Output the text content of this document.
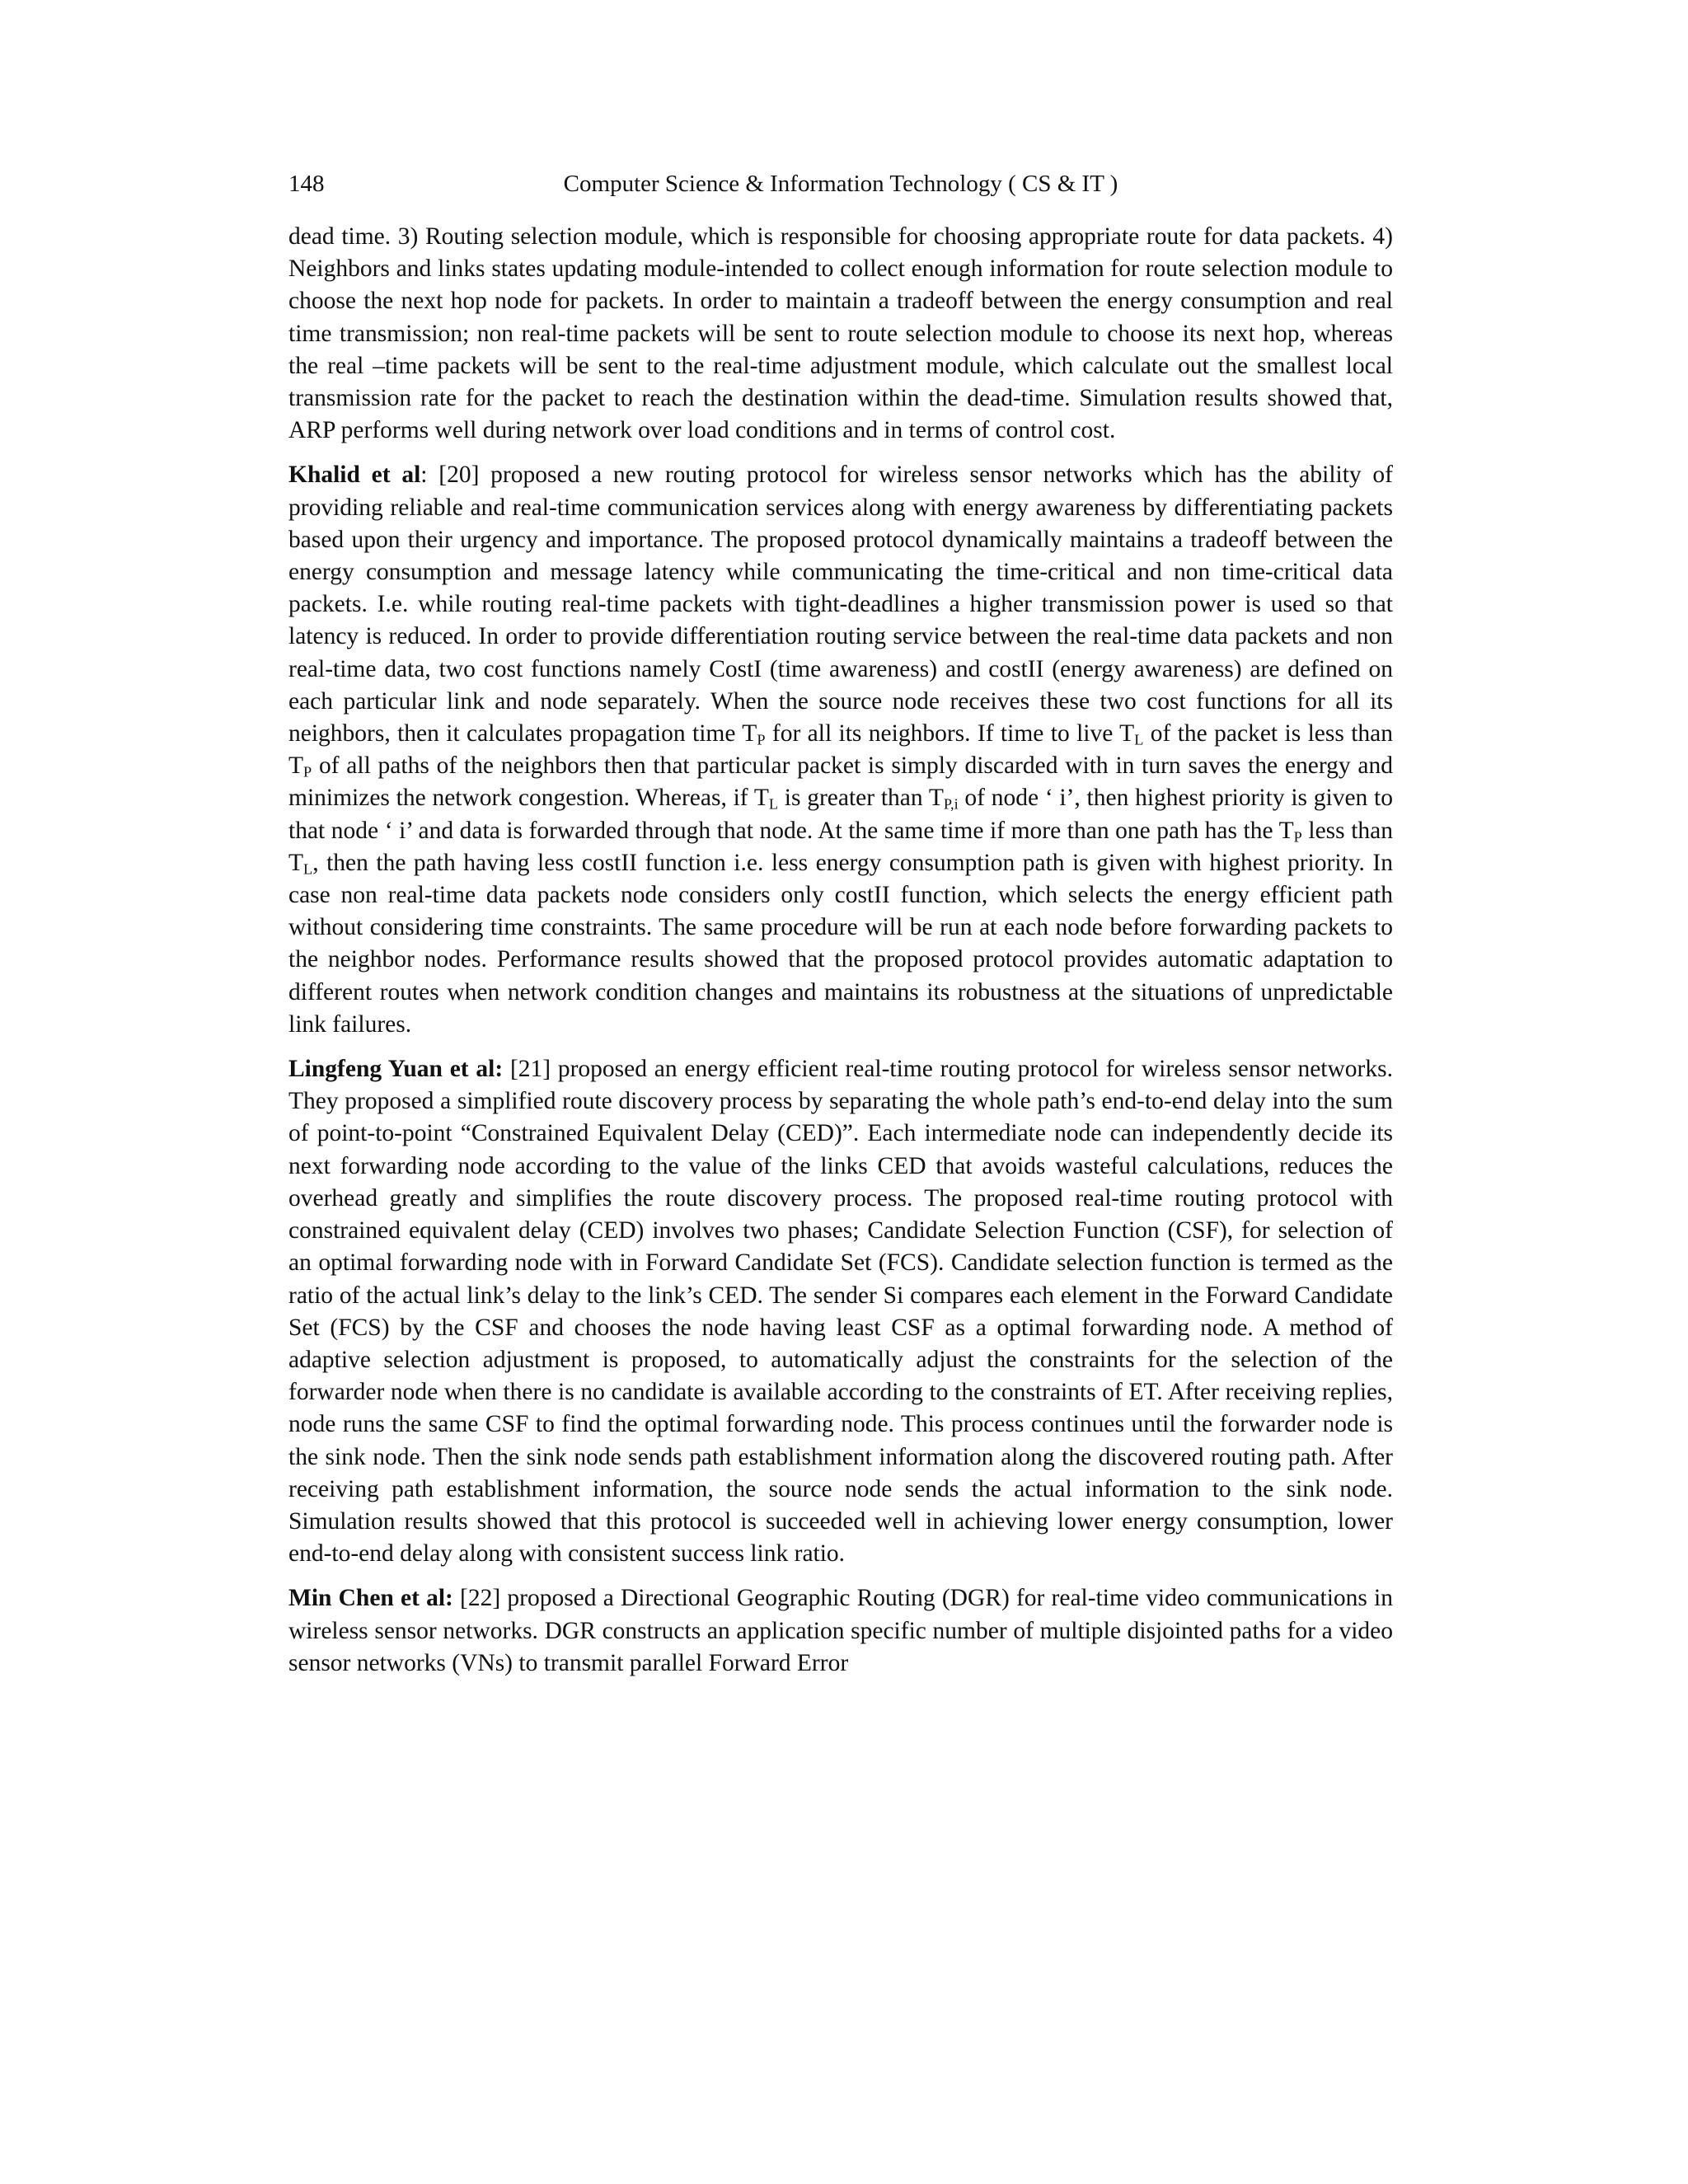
148	Computer Science & Information Technology ( CS & IT )

dead time. 3) Routing selection module, which is responsible for choosing appropriate route for data packets. 4) Neighbors and links states updating module-intended to collect enough information for route selection module to choose the next hop node for packets. In order to maintain a tradeoff between the energy consumption and real time transmission; non real-time packets will be sent to route selection module to choose its next hop, whereas the real –time packets will be sent to the real-time adjustment module, which calculate out the smallest local transmission rate for the packet to reach the destination within the dead-time. Simulation results showed that, ARP performs well during network over load conditions and in terms of control cost.

Khalid et al: [20] proposed a new routing protocol for wireless sensor networks which has the ability of providing reliable and real-time communication services along with energy awareness by differentiating packets based upon their urgency and importance. The proposed protocol dynamically maintains a tradeoff between the energy consumption and message latency while communicating the time-critical and non time-critical data packets. I.e. while routing real-time packets with tight-deadlines a higher transmission power is used so that latency is reduced. In order to provide differentiation routing service between the real-time data packets and non real-time data, two cost functions namely CostI (time awareness) and costII (energy awareness) are defined on each particular link and node separately. When the source node receives these two cost functions for all its neighbors, then it calculates propagation time $T_P$ for all its neighbors. If time to live $T_L$ of the packet is less than $T_P$ of all paths of the neighbors then that particular packet is simply discarded with in turn saves the energy and minimizes the network congestion. Whereas, if $T_L$ is greater than $T_{P,i}$ of node ‘ i’, then highest priority is given to that node ‘ i’ and data is forwarded through that node. At the same time if more than one path has the $T_P$ less than $T_L$, then the path having less costII function i.e. less energy consumption path is given with highest priority. In case non real-time data packets node considers only costII function, which selects the energy efficient path without considering time constraints. The same procedure will be run at each node before forwarding packets to the neighbor nodes. Performance results showed that the proposed protocol provides automatic adaptation to different routes when network condition changes and maintains its robustness at the situations of unpredictable link failures.

Lingfeng Yuan et al: [21] proposed an energy efficient real-time routing protocol for wireless sensor networks. They proposed a simplified route discovery process by separating the whole path’s end-to-end delay into the sum of point-to-point “Constrained Equivalent Delay (CED)”. Each intermediate node can independently decide its next forwarding node according to the value of the links CED that avoids wasteful calculations, reduces the overhead greatly and simplifies the route discovery process. The proposed real-time routing protocol with constrained equivalent delay (CED) involves two phases; Candidate Selection Function (CSF), for selection of an optimal forwarding node with in Forward Candidate Set (FCS). Candidate selection function is termed as the ratio of the actual link’s delay to the link’s CED. The sender Si compares each element in the Forward Candidate Set (FCS) by the CSF and chooses the node having least CSF as a optimal forwarding node. A method of adaptive selection adjustment is proposed, to automatically adjust the constraints for the selection of the forwarder node when there is no candidate is available according to the constraints of ET. After receiving replies, node runs the same CSF to find the optimal forwarding node. This process continues until the forwarder node is the sink node. Then the sink node sends path establishment information along the discovered routing path. After receiving path establishment information, the source node sends the actual information to the sink node. Simulation results showed that this protocol is succeeded well in achieving lower energy consumption, lower end-to-end delay along with consistent success link ratio.

Min Chen et al: [22] proposed a Directional Geographic Routing (DGR) for real-time video communications in wireless sensor networks. DGR constructs an application specific number of multiple disjointed paths for a video sensor networks (VNs) to transmit parallel Forward Error
